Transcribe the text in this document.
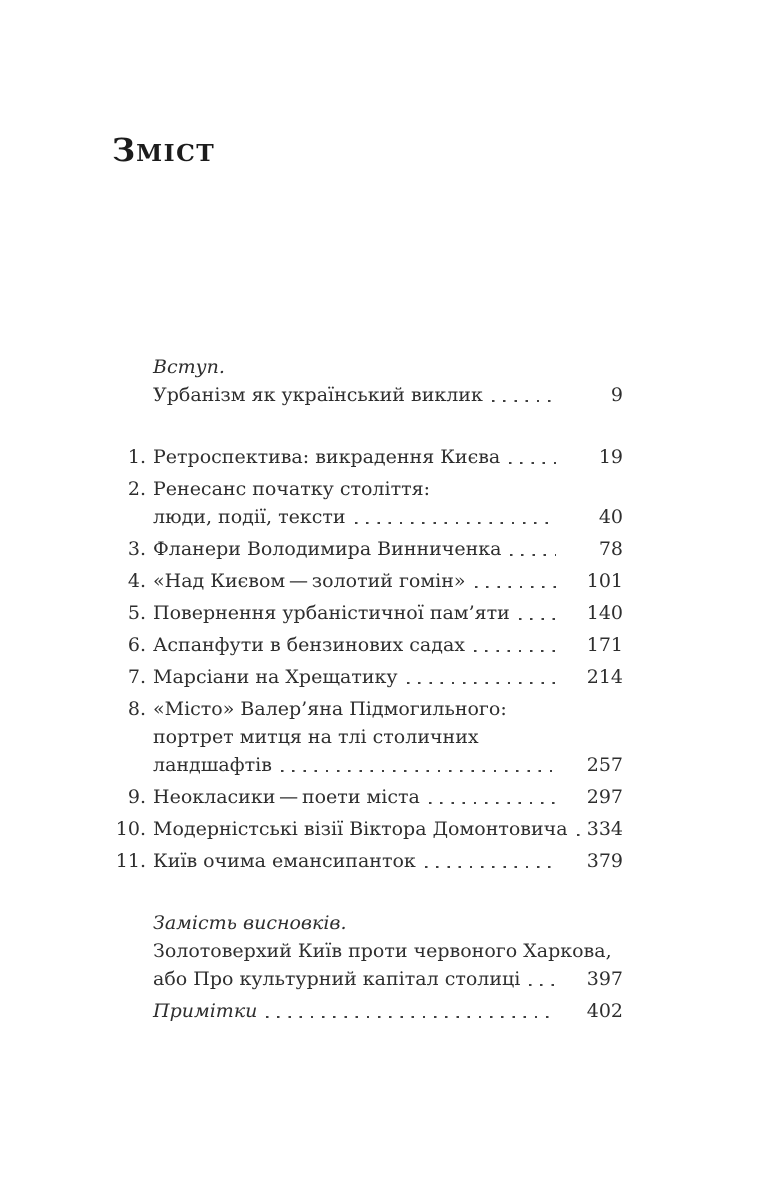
ЗМІСТ
Вступ.
Урбанізм як український виклик	9
1. Ретроспектива: викрадення Києва	19
2. Ренесанс початку століття:
люди, події, тексти	40
3. Фланери Володимира Винниченка	78
4. «Над Києвом — золотий гомін»	101
5. Повернення урбаністичної пам’яти	140
6. Аспанфути в бензинових садах	171
7. Марсіани на Хрещатику	214
8. «Місто» Валер’яна Підмогильного:
портрет митця на тлі столичних
ландшафтів	257
9. Неокласики — поети міста	297
10. Модерністські візії Віктора Домонтовича	334
11. Київ очима емансипанток	379
Замість висновків.
Золотоверхий Київ проти червоного Харкова,
або Про культурний капітал столиці	397
Примітки	402
